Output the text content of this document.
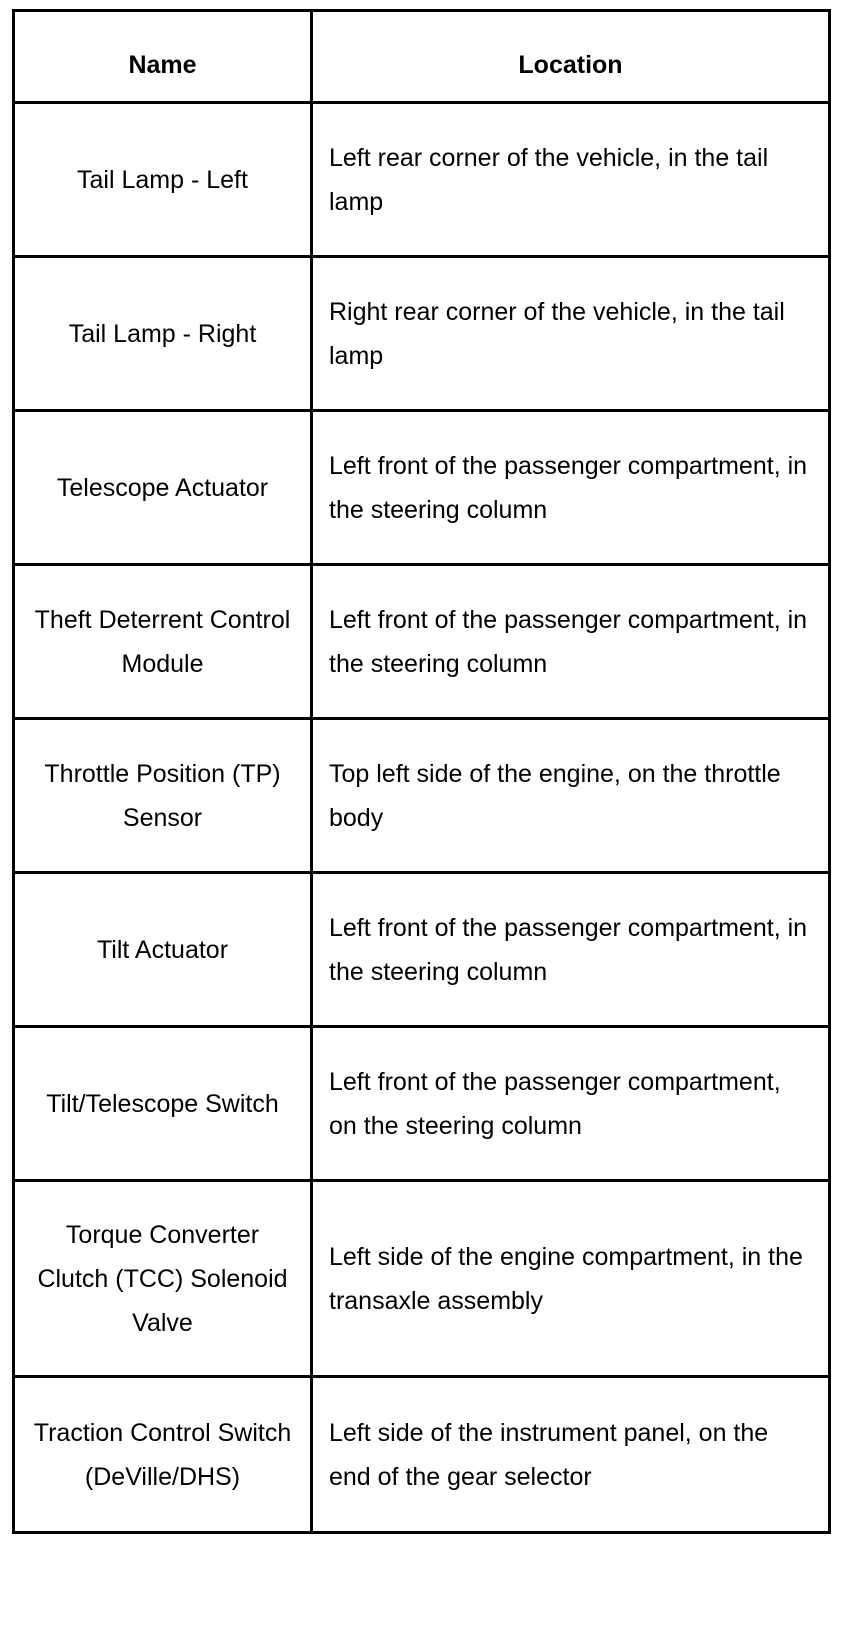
Name	Location
Tail Lamp - Left	Left rear corner of the vehicle, in the tail lamp
Tail Lamp - Right	Right rear corner of the vehicle, in the tail lamp
Telescope Actuator	Left front of the passenger compartment, in the steering column
Theft Deterrent Control Module	Left front of the passenger compartment, in the steering column
Throttle Position (TP) Sensor	Top left side of the engine, on the throttle body
Tilt Actuator	Left front of the passenger compartment, in the steering column
Tilt/Telescope Switch	Left front of the passenger compartment, on the steering column
Torque Converter Clutch (TCC) Solenoid Valve	Left side of the engine compartment, in the transaxle assembly
Traction Control Switch (DeVille/DHS)	Left side of the instrument panel, on the end of the gear selector
